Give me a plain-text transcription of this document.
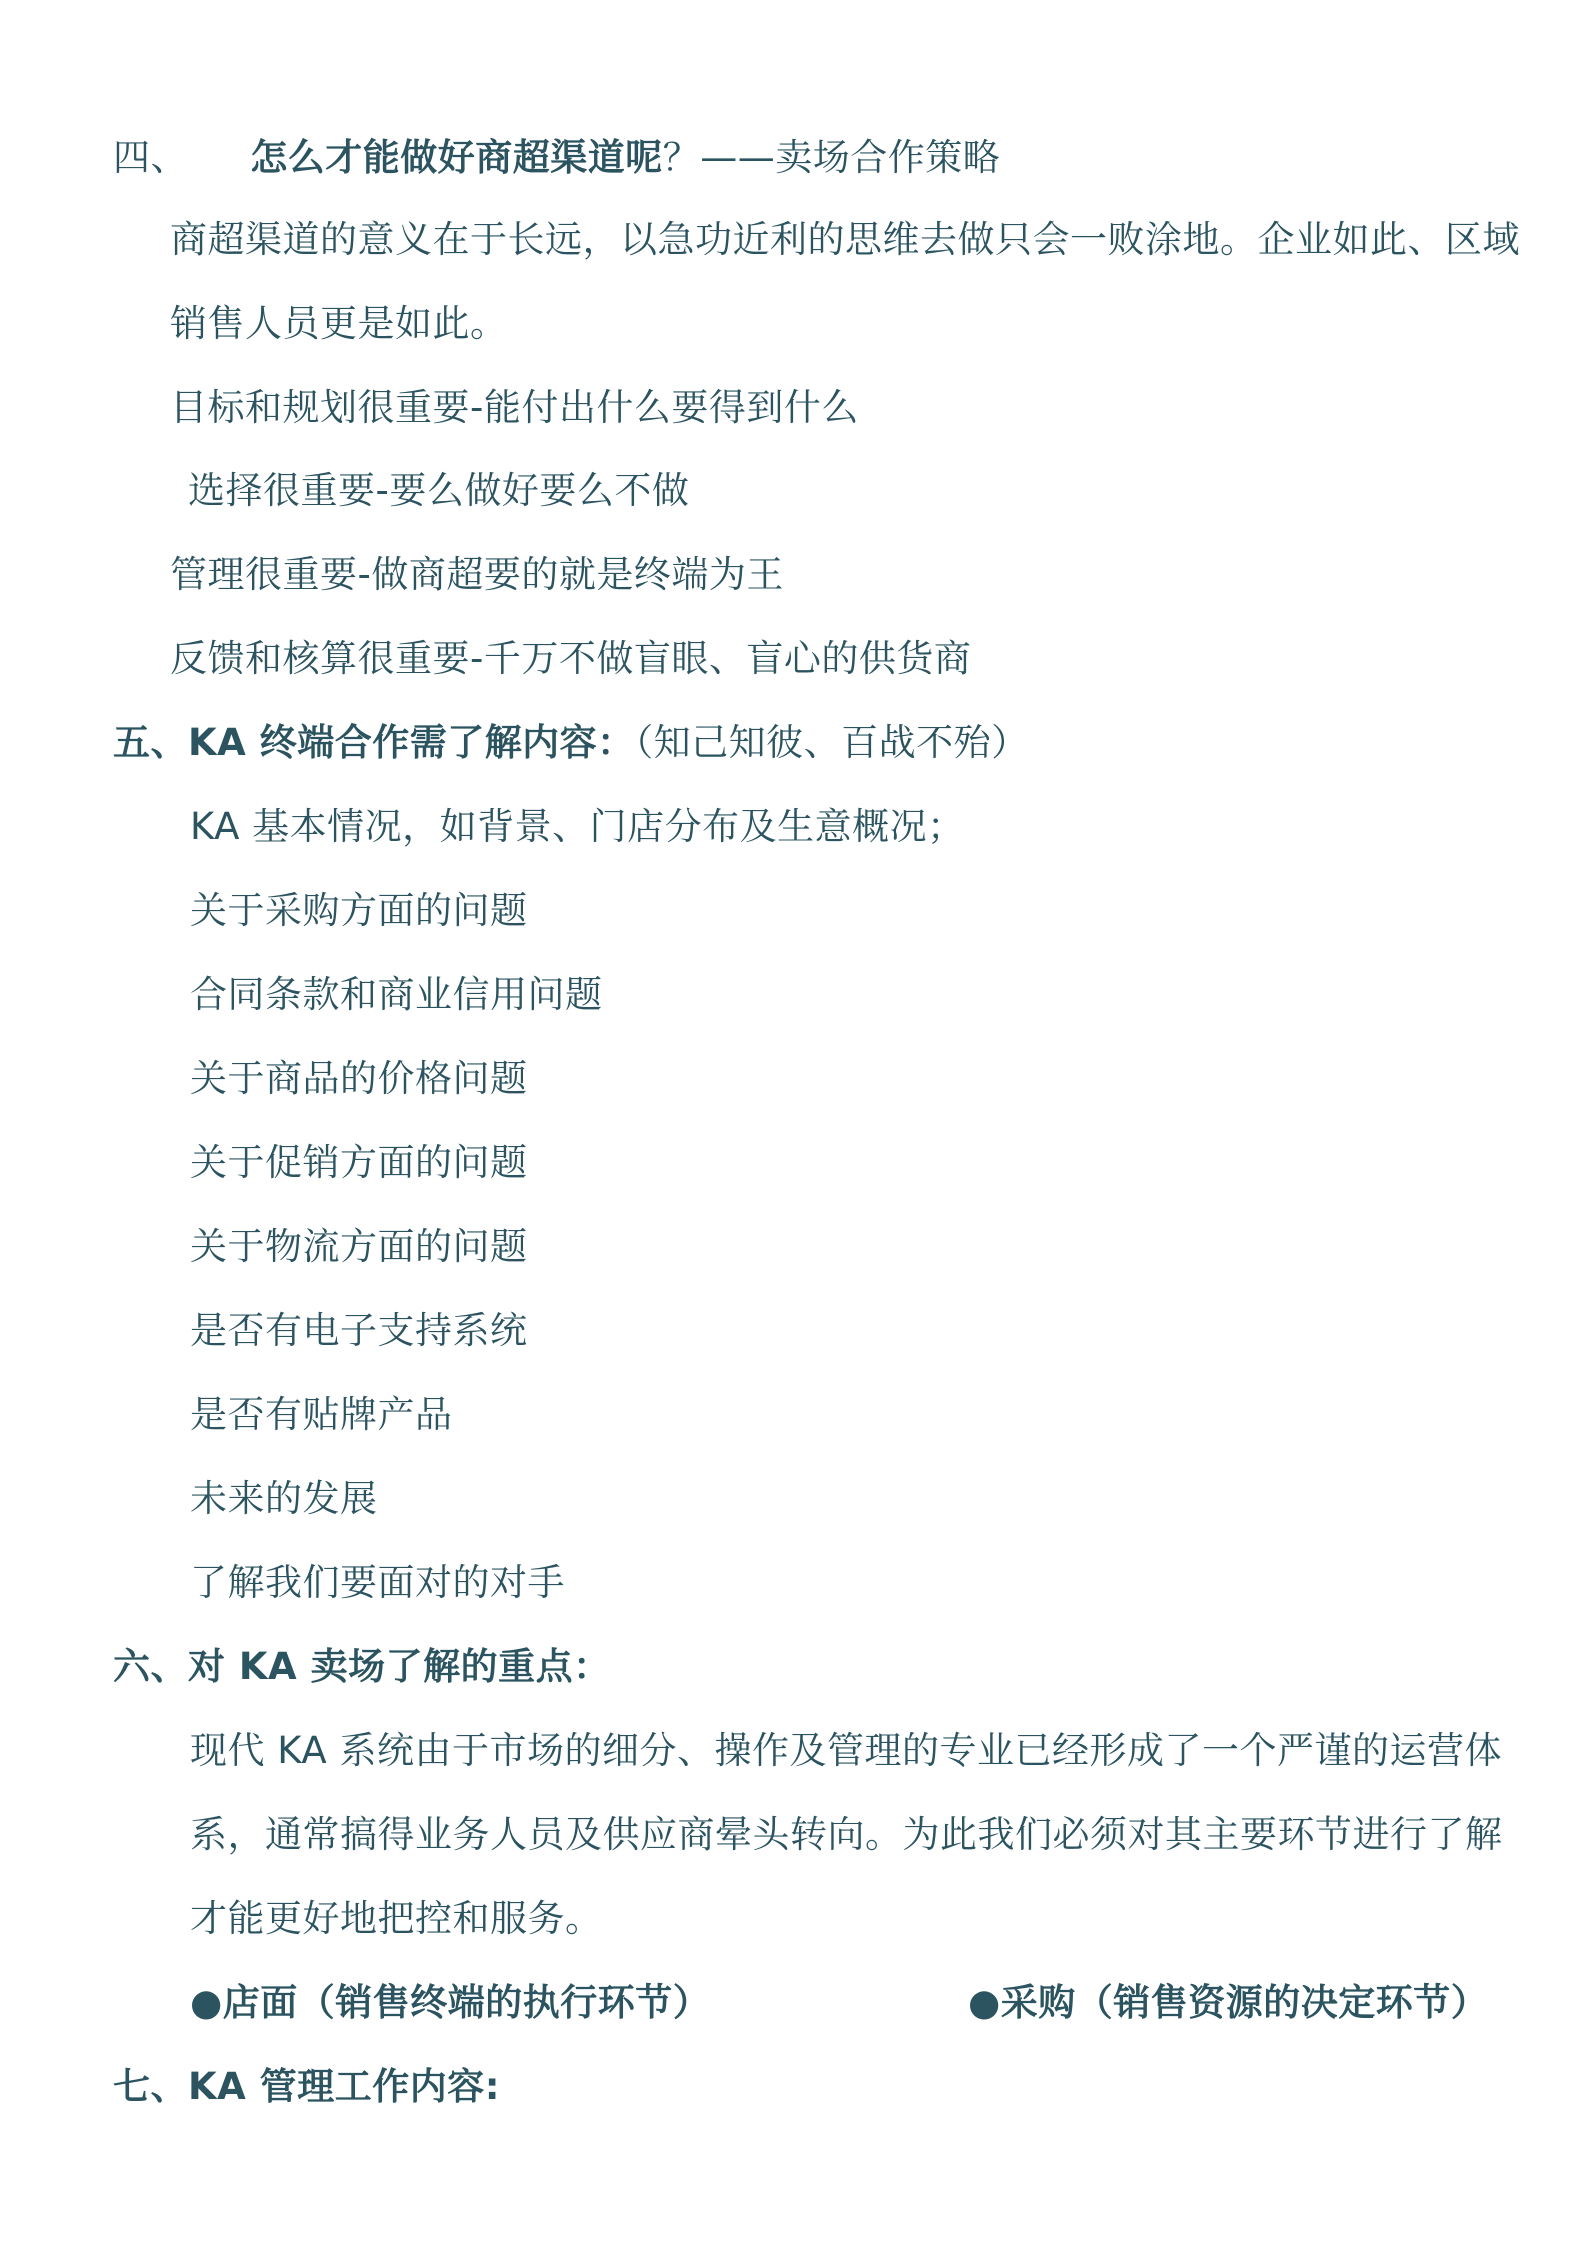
四、 怎么才能做好商超渠道呢？——卖场合作策略
商超渠道的意义在于长远，以急功近利的思维去做只会一败涂地。企业如此、区域
销售人员更是如此。
目标和规划很重要-能付出什么要得到什么
选择很重要-要么做好要么不做
管理很重要-做商超要的就是终端为王
反馈和核算很重要-千万不做盲眼、盲心的供货商
五、KA 终端合作需了解内容：（知己知彼、百战不殆）
KA 基本情况，如背景、门店分布及生意概况；
关于采购方面的问题
合同条款和商业信用问题
关于商品的价格问题
关于促销方面的问题
关于物流方面的问题
是否有电子支持系统
是否有贴牌产品
未来的发展
了解我们要面对的对手
六、对 KA 卖场了解的重点：
现代 KA 系统由于市场的细分、操作及管理的专业已经形成了一个严谨的运营体
系，通常搞得业务人员及供应商晕头转向。为此我们必须对其主要环节进行了解
才能更好地把控和服务。
●店面（销售终端的执行环节）	●采购（销售资源的决定环节）
七、KA 管理工作内容:
